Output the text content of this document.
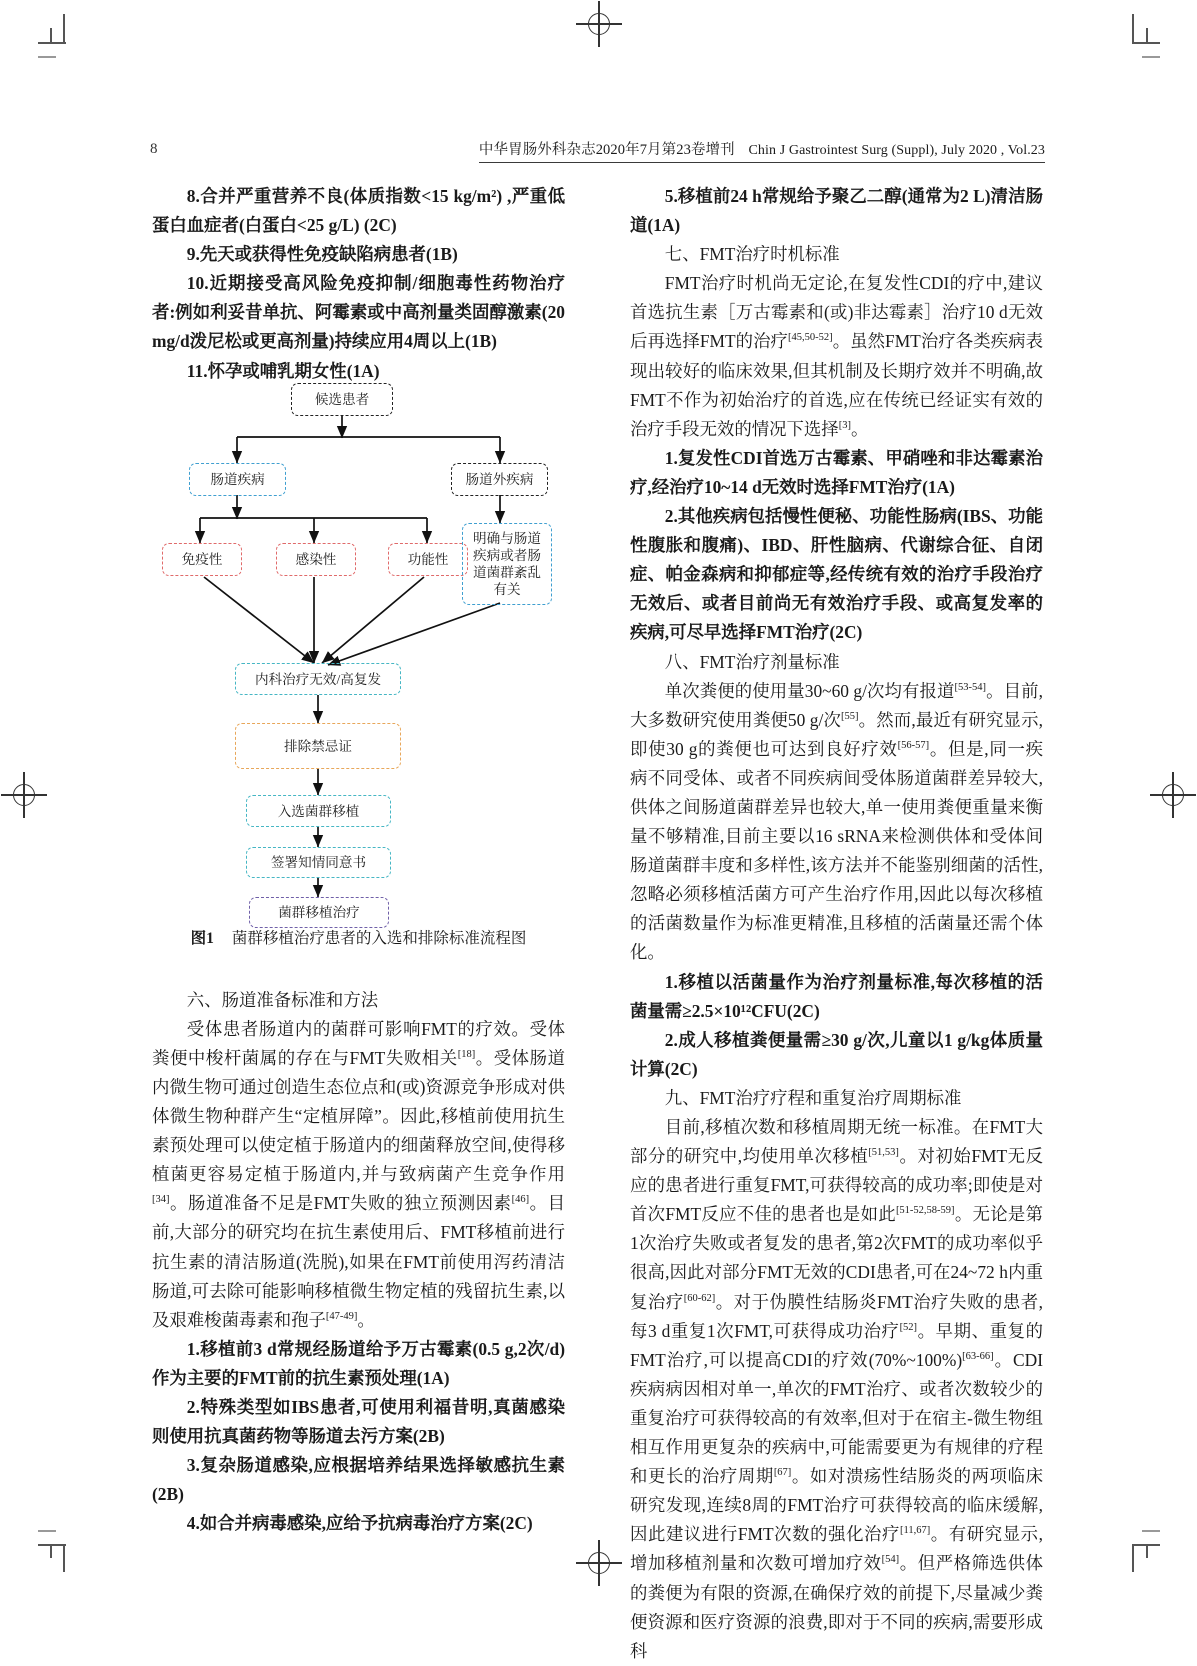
8	中华胃肠外科杂志2020年7月第23卷增刊 Chin J Gastrointest Surg (Suppl), July 2020 , Vol.23

8.合并严重营养不良(体质指数<15 kg/m²) ,严重低蛋白血症者(白蛋白<25 g/L) (2C)

9.先天或获得性免疫缺陷病患者(1B)

10.近期接受高风险免疫抑制/细胞毒性药物治疗者:例如利妥昔单抗、阿霉素或中高剂量类固醇激素(20 mg/d泼尼松或更高剂量)持续应用4周以上(1B)

11.怀孕或哺乳期女性(1A)

六、肠道准备标准和方法

受体患者肠道内的菌群可影响FMT的疗效。受体粪便中梭杆菌属的存在与FMT失败相关[18]。受体肠道内微生物可通过创造生态位点和(或)资源竞争形成对供体微生物种群产生“定植屏障”。因此,移植前使用抗生素预处理可以使定植于肠道内的细菌释放空间,使得移植菌更容易定植于肠道内,并与致病菌产生竞争作用[34]。肠道准备不足是FMT失败的独立预测因素[46]。目前,大部分的研究均在抗生素使用后、FMT移植前进行抗生素的清洁肠道(洗脱),如果在FMT前使用泻药清洁肠道,可去除可能影响移植微生物定植的残留抗生素,以及艰难梭菌毒素和孢子[47-49]。

1.移植前3 d常规经肠道给予万古霉素(0.5 g,2次/d)作为主要的FMT前的抗生素预处理(1A)

2.特殊类型如IBS患者,可使用利福昔明,真菌感染则使用抗真菌药物等肠道去污方案(2B)

3.复杂肠道感染,应根据培养结果选择敏感抗生素(2B)

4.如合并病毒感染,应给予抗病毒治疗方案(2C)

5.移植前24 h常规给予聚乙二醇(通常为2 L)清洁肠道(1A)

七、FMT治疗时机标准

FMT治疗时机尚无定论,在复发性CDI的疗中,建议首选抗生素［万古霉素和(或)非达霉素］治疗10 d无效后再选择FMT的治疗[45,50-52]。虽然FMT治疗各类疾病表现出较好的临床效果,但其机制及长期疗效并不明确,故FMT不作为初始治疗的首选,应在传统已经证实有效的治疗手段无效的情况下选择[3]。

1.复发性CDI首选万古霉素、甲硝唑和非达霉素治疗,经治疗10~14 d无效时选择FMT治疗(1A)

2.其他疾病包括慢性便秘、功能性肠病(IBS、功能性腹胀和腹痛)、IBD、肝性脑病、代谢综合征、自闭症、帕金森病和抑郁症等,经传统有效的治疗手段治疗无效后、或者目前尚无有效治疗手段、或高复发率的疾病,可尽早选择FMT治疗(2C)

八、FMT治疗剂量标准

单次粪便的使用量30~60 g/次均有报道[53-54]。目前,大多数研究使用粪便50 g/次[55]。然而,最近有研究显示,即使30 g的粪便也可达到良好疗效[56-57]。但是,同一疾病不同受体、或者不同疾病间受体肠道菌群差异较大,供体之间肠道菌群差异也较大,单一使用粪便重量来衡量不够精准,目前主要以16 sRNA来检测供体和受体间肠道菌群丰度和多样性,该方法并不能鉴别细菌的活性,忽略必须移植活菌方可产生治疗作用,因此以每次移植的活菌数量作为标准更精准,且移植的活菌量还需个体化。

1.移植以活菌量作为治疗剂量标准,每次移植的活菌量需≥2.5×10¹²CFU(2C)

2.成人移植粪便量需≥30 g/次,儿童以1 g/kg体质量计算(2C)

九、FMT治疗疗程和重复治疗周期标准

目前,移植次数和移植周期无统一标准。在FMT大部分的研究中,均使用单次移植[51,53]。对初始FMT无反应的患者进行重复FMT,可获得较高的成功率;即使是对首次FMT反应不佳的患者也是如此[51-52,58-59]。无论是第1次治疗失败或者复发的患者,第2次FMT的成功率似乎很高,因此对部分FMT无效的CDI患者,可在24~72 h内重复治疗[60-62]。对于伪膜性结肠炎FMT治疗失败的患者,每3 d重复1次FMT,可获得成功治疗[52]。早期、重复的FMT治疗,可以提高CDI的疗效(70%~100%)[63-66]。CDI疾病病因相对单一,单次的FMT治疗、或者次数较少的重复治疗可获得较高的有效率,但对于在宿主-微生物组相互作用更复杂的疾病中,可能需要更为有规律的疗程和更长的治疗周期[67]。如对溃疡性结肠炎的两项临床研究发现,连续8周的FMT治疗可获得较高的临床缓解,因此建议进行FMT次数的强化治疗[11,67]。有研究显示,增加移植剂量和次数可增加疗效[54]。但严格筛选供体的粪便为有限的资源,在确保疗效的前提下,尽量减少粪便资源和医疗资源的浪费,即对于不同的疾病,需要形成科

候选患者
肠道疾病	肠道外疾病
免疫性	感染性	功能性
明确与肠道疾病或者肠道菌群紊乱有关
内科治疗无效/高复发
排除禁忌证
入选菌群移植
签署知情同意书
菌群移植治疗
图1 菌群移植治疗患者的入选和排除标准流程图
